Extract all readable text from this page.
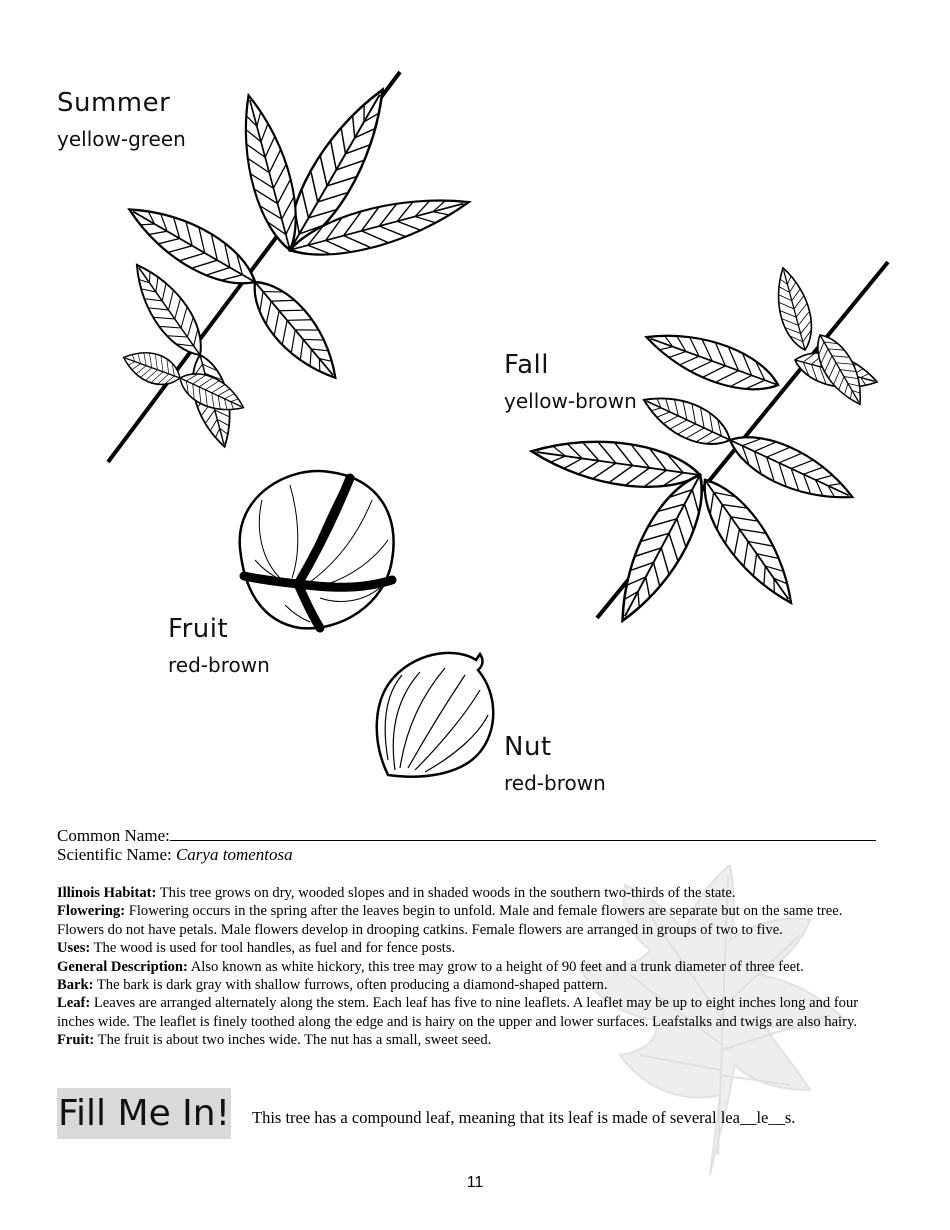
Summer
yellow-green
Fall
yellow-brown
Fruit
red-brown
Nut
red-brown
Common Name:
Scientific Name: Carya tomentosa

Illinois Habitat: This tree grows on dry, wooded slopes and in shaded woods in the southern two-thirds of the state.

Flowering: Flowering occurs in the spring after the leaves begin to unfold. Male and female flowers are separate but on the same tree. Flowers do not have petals. Male flowers develop in drooping catkins. Female flowers are arranged in groups of two to five.

Uses: The wood is used for tool handles, as fuel and for fence posts.

General Description: Also known as white hickory, this tree may grow to a height of 90 feet and a trunk diameter of three feet.

Bark: The bark is dark gray with shallow furrows, often producing a diamond-shaped pattern.

Leaf: Leaves are arranged alternately along the stem. Each leaf has five to nine leaflets. A leaflet may be up to eight inches long and four inches wide. The leaflet is finely toothed along the edge and is hairy on the upper and lower surfaces. Leafstalks and twigs are also hairy.

Fruit: The fruit is about two inches wide. The nut has a small, sweet seed.

Fill Me In! This tree has a compound leaf, meaning that its leaf is made of several lea__le__s.
11
